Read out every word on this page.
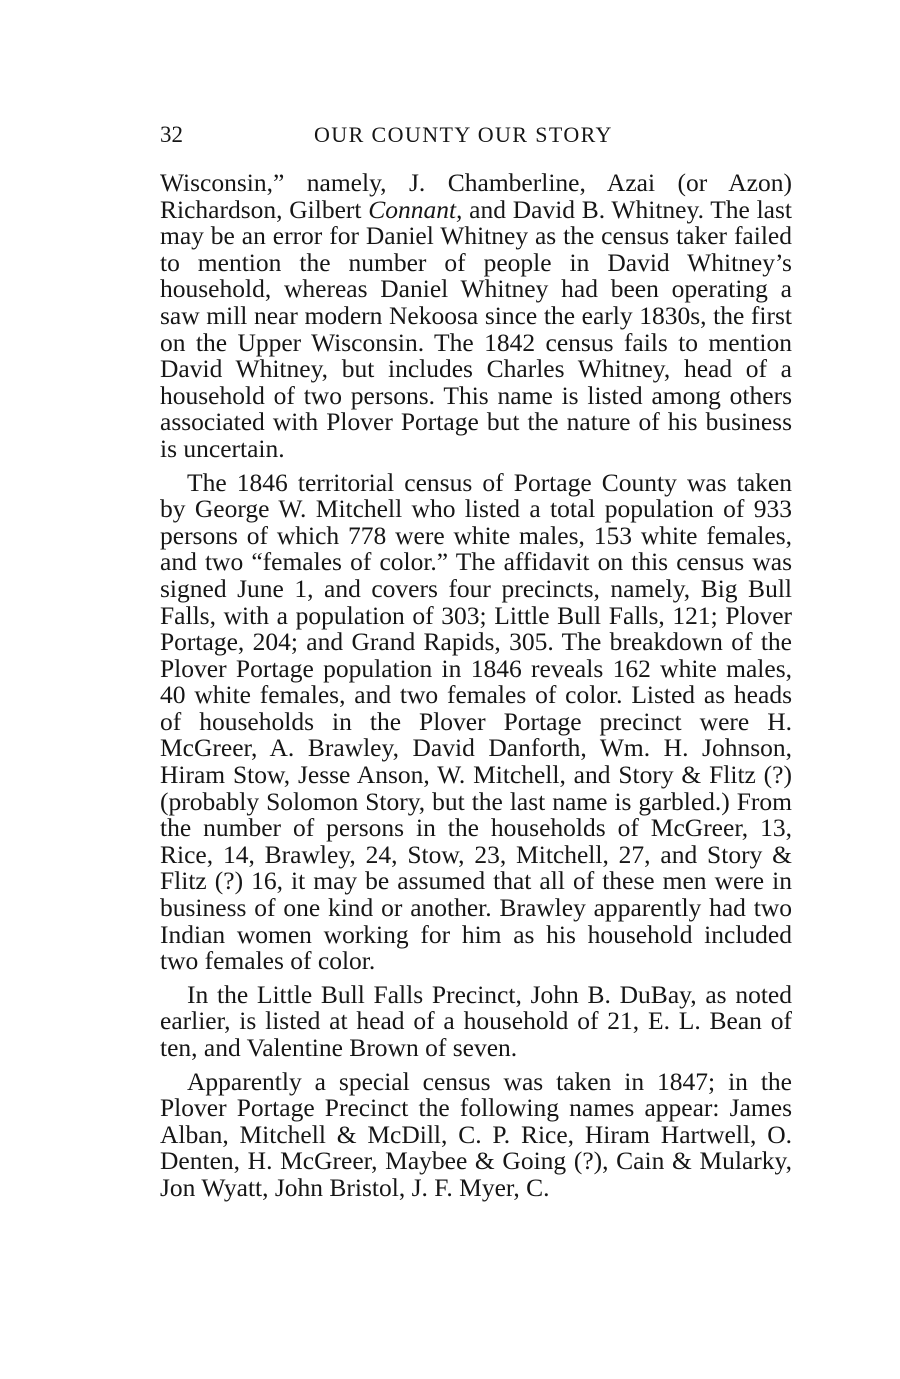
32	OUR COUNTY OUR STORY

Wisconsin,” namely, J. Chamberline, Azai (or Azon) Richardson, Gilbert Connant, and David B. Whitney. The last may be an error for Daniel Whitney as the census taker failed to mention the number of people in David Whitney’s household, whereas Daniel Whitney had been operating a saw mill near modern Nekoosa since the early 1830s, the first on the Upper Wisconsin. The 1842 census fails to mention David Whitney, but includes Charles Whitney, head of a household of two persons. This name is listed among others associated with Plover Portage but the nature of his business is uncertain.

The 1846 territorial census of Portage County was taken by George W. Mitchell who listed a total population of 933 persons of which 778 were white males, 153 white females, and two “females of color.” The affidavit on this census was signed June 1, and covers four precincts, namely, Big Bull Falls, with a population of 303; Little Bull Falls, 121; Plover Portage, 204; and Grand Rapids, 305. The breakdown of the Plover Portage population in 1846 reveals 162 white males, 40 white females, and two females of color. Listed as heads of households in the Plover Portage precinct were H. McGreer, A. Brawley, David Danforth, Wm. H. Johnson, Hiram Stow, Jesse Anson, W. Mitchell, and Story & Flitz (?) (probably Solomon Story, but the last name is garbled.) From the number of persons in the households of McGreer, 13, Rice, 14, Brawley, 24, Stow, 23, Mitchell, 27, and Story & Flitz (?) 16, it may be assumed that all of these men were in business of one kind or another. Brawley apparently had two Indian women working for him as his household included two females of color.

In the Little Bull Falls Precinct, John B. DuBay, as noted earlier, is listed at head of a household of 21, E. L. Bean of ten, and Valentine Brown of seven.

Apparently a special census was taken in 1847; in the Plover Portage Precinct the following names appear: James Alban, Mitchell & McDill, C. P. Rice, Hiram Hartwell, O. Denten, H. McGreer, Maybee & Going (?), Cain & Mularky, Jon Wyatt, John Bristol, J. F. Myer, C.
